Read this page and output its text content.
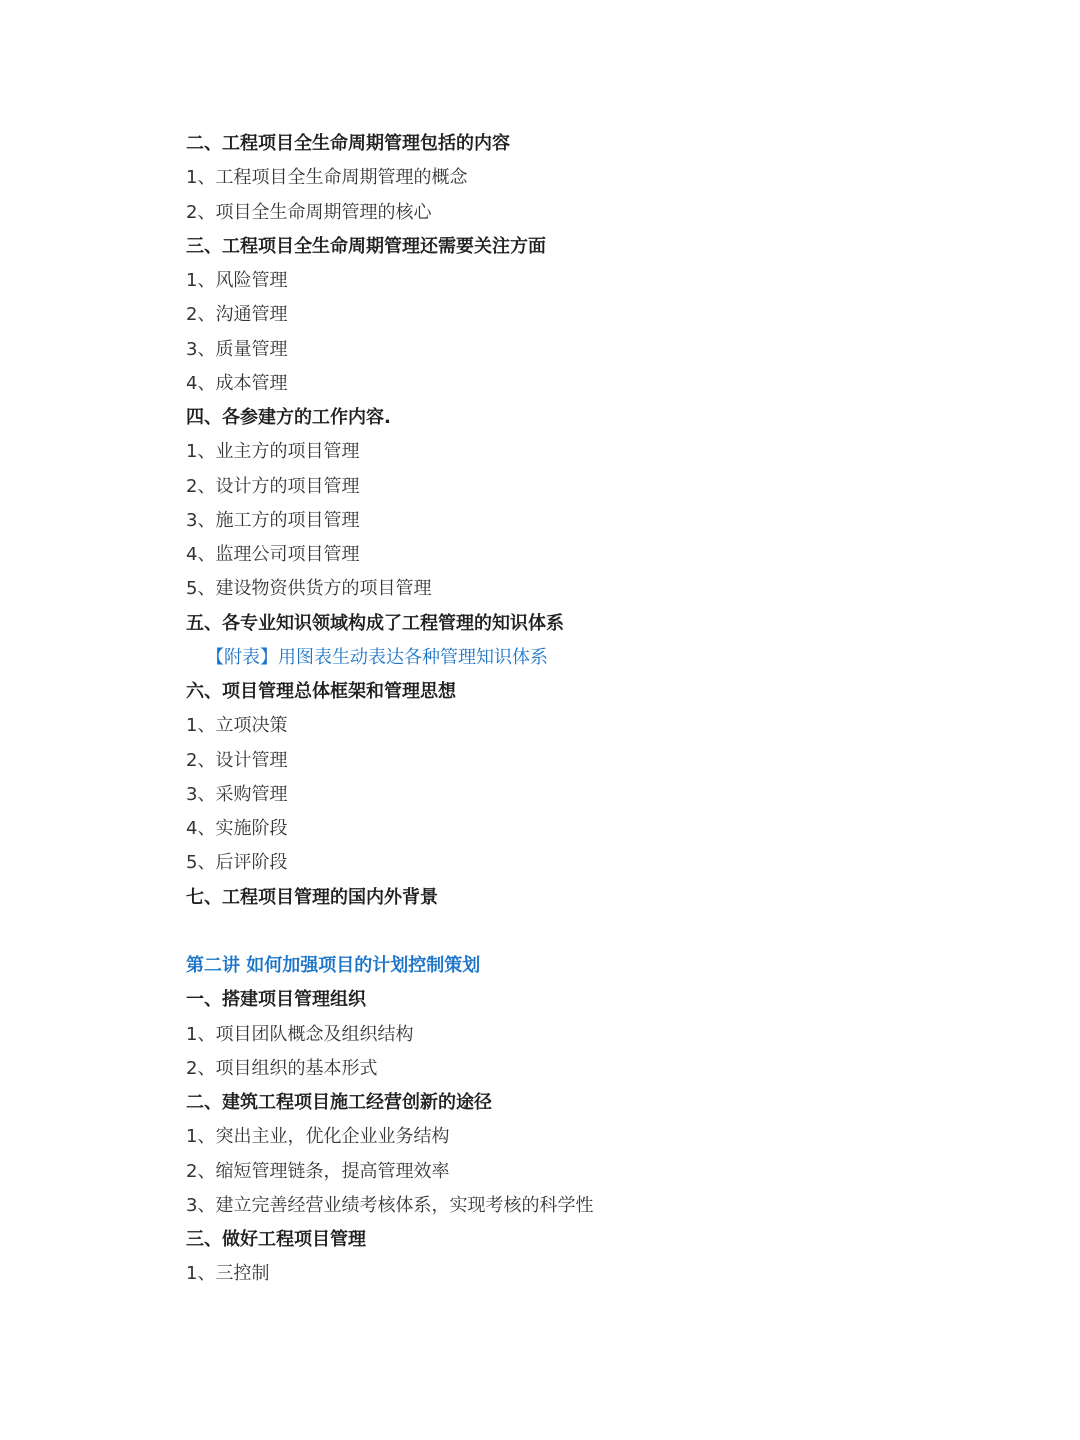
二、工程项目全生命周期管理包括的内容
1、工程项目全生命周期管理的概念
2、项目全生命周期管理的核心
三、工程项目全生命周期管理还需要关注方面
1、风险管理
2、沟通管理
3、质量管理
4、成本管理
四、各参建方的工作内容.
1、业主方的项目管理
2、设计方的项目管理
3、施工方的项目管理
4、监理公司项目管理
5、建设物资供货方的项目管理
五、各专业知识领域构成了工程管理的知识体系
【附表】用图表生动表达各种管理知识体系
六、项目管理总体框架和管理思想
1、立项决策
2、设计管理
3、采购管理
4、实施阶段
5、后评阶段
七、工程项目管理的国内外背景
第二讲 如何加强项目的计划控制策划
一、搭建项目管理组织
1、项目团队概念及组织结构
2、项目组织的基本形式
二、建筑工程项目施工经营创新的途径
1、突出主业，优化企业业务结构
2、缩短管理链条，提高管理效率
3、建立完善经营业绩考核体系，实现考核的科学性
三、做好工程项目管理
1、三控制
